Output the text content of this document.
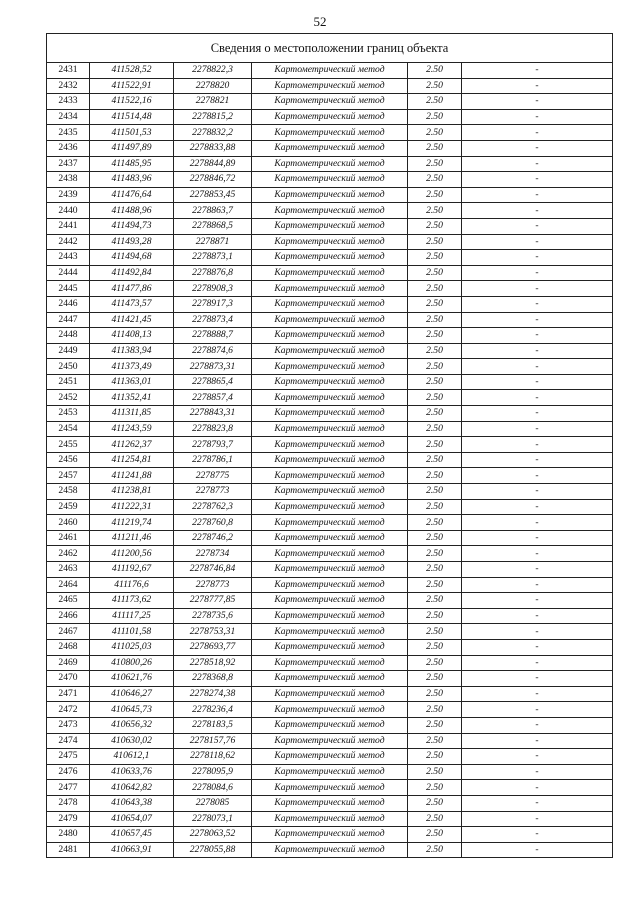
52
Сведения о местоположении границ объекта					
2431	411528,52	2278822,3	Картометрический метод	2.50	-
2432	411522,91	2278820	Картометрический метод	2.50	-
2433	411522,16	2278821	Картометрический метод	2.50	-
2434	411514,48	2278815,2	Картометрический метод	2.50	-
2435	411501,53	2278832,2	Картометрический метод	2.50	-
2436	411497,89	2278833,88	Картометрический метод	2.50	-
2437	411485,95	2278844,89	Картометрический метод	2.50	-
2438	411483,96	2278846,72	Картометрический метод	2.50	-
2439	411476,64	2278853,45	Картометрический метод	2.50	-
2440	411488,96	2278863,7	Картометрический метод	2.50	-
2441	411494,73	2278868,5	Картометрический метод	2.50	-
2442	411493,28	2278871	Картометрический метод	2.50	-
2443	411494,68	2278873,1	Картометрический метод	2.50	-
2444	411492,84	2278876,8	Картометрический метод	2.50	-
2445	411477,86	2278908,3	Картометрический метод	2.50	-
2446	411473,57	2278917,3	Картометрический метод	2.50	-
2447	411421,45	2278873,4	Картометрический метод	2.50	-
2448	411408,13	2278888,7	Картометрический метод	2.50	-
2449	411383,94	2278874,6	Картометрический метод	2.50	-
2450	411373,49	2278873,31	Картометрический метод	2.50	-
2451	411363,01	2278865,4	Картометрический метод	2.50	-
2452	411352,41	2278857,4	Картометрический метод	2.50	-
2453	411311,85	2278843,31	Картометрический метод	2.50	-
2454	411243,59	2278823,8	Картометрический метод	2.50	-
2455	411262,37	2278793,7	Картометрический метод	2.50	-
2456	411254,81	2278786,1	Картометрический метод	2.50	-
2457	411241,88	2278775	Картометрический метод	2.50	-
2458	411238,81	2278773	Картометрический метод	2.50	-
2459	411222,31	2278762,3	Картометрический метод	2.50	-
2460	411219,74	2278760,8	Картометрический метод	2.50	-
2461	411211,46	2278746,2	Картометрический метод	2.50	-
2462	411200,56	2278734	Картометрический метод	2.50	-
2463	411192,67	2278746,84	Картометрический метод	2.50	-
2464	411176,6	2278773	Картометрический метод	2.50	-
2465	411173,62	2278777,85	Картометрический метод	2.50	-
2466	411117,25	2278735,6	Картометрический метод	2.50	-
2467	411101,58	2278753,31	Картометрический метод	2.50	-
2468	411025,03	2278693,77	Картометрический метод	2.50	-
2469	410800,26	2278518,92	Картометрический метод	2.50	-
2470	410621,76	2278368,8	Картометрический метод	2.50	-
2471	410646,27	2278274,38	Картометрический метод	2.50	-
2472	410645,73	2278236,4	Картометрический метод	2.50	-
2473	410656,32	2278183,5	Картометрический метод	2.50	-
2474	410630,02	2278157,76	Картометрический метод	2.50	-
2475	410612,1	2278118,62	Картометрический метод	2.50	-
2476	410633,76	2278095,9	Картометрический метод	2.50	-
2477	410642,82	2278084,6	Картометрический метод	2.50	-
2478	410643,38	2278085	Картометрический метод	2.50	-
2479	410654,07	2278073,1	Картометрический метод	2.50	-
2480	410657,45	2278063,52	Картометрический метод	2.50	-
2481	410663,91	2278055,88	Картометрический метод	2.50	-
